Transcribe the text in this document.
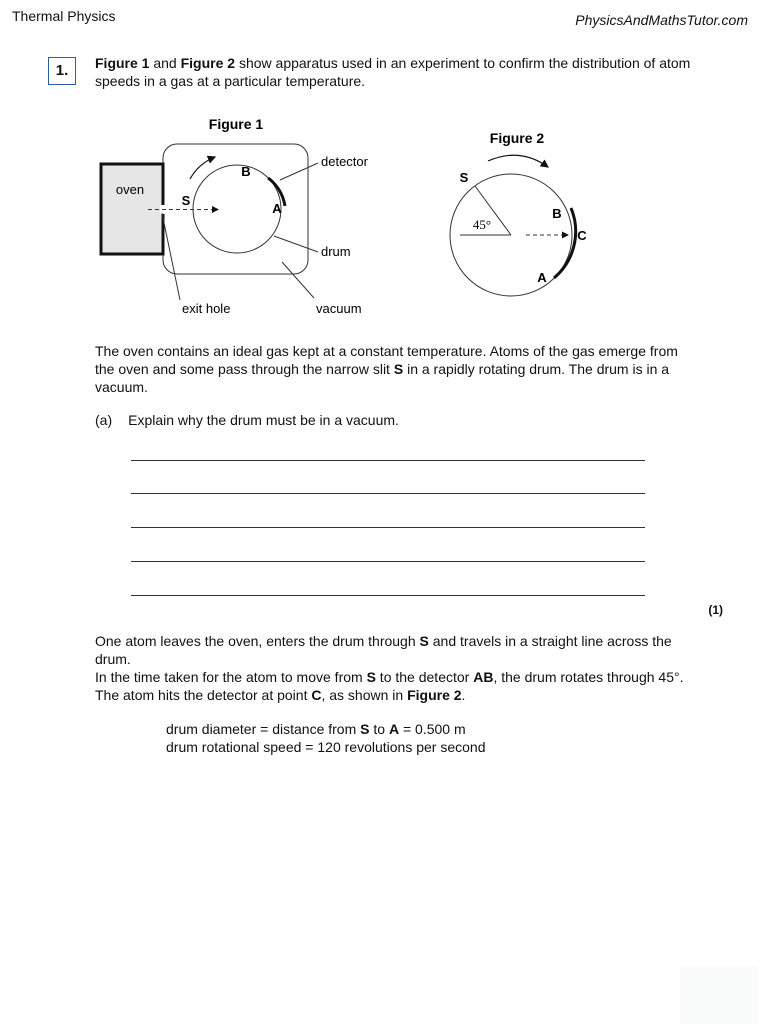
Thermal Physics	PhysicsAndMathsTutor.com
1.	Figure 1 and Figure 2 show apparatus used in an experiment to confirm the distribution of atom speeds in a gas at a particular temperature.
Figure 1
oven
S
B
A
detector
drum
exit hole	vacuum
Figure 2
S
45°
B
C
A
The oven contains an ideal gas kept at a constant temperature. Atoms of the gas emerge from the oven and some pass through the narrow slit S in a rapidly rotating drum. The drum is in a vacuum.
(a) Explain why the drum must be in a vacuum.
(1)
One atom leaves the oven, enters the drum through S and travels in a straight line across the drum.
In the time taken for the atom to move from S to the detector AB, the drum rotates through 45°.
The atom hits the detector at point C, as shown in Figure 2.
drum diameter = distance from S to A = 0.500 m
drum rotational speed = 120 revolutions per second
